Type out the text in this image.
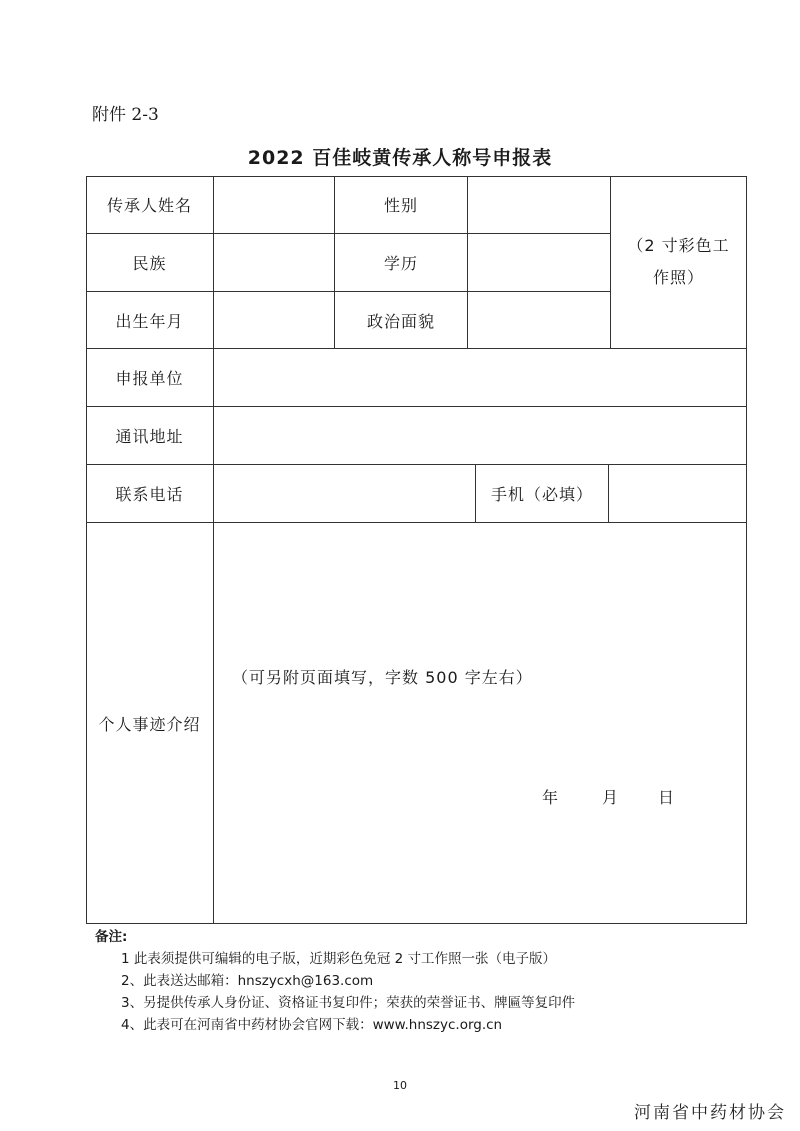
附件 2-3
2022 百佳岐黄传承人称号申报表
传承人姓名	性别
民族	学历
出生年月	政治面貌
（2 寸彩色工
作照）
申报单位
通讯地址
联系电话	手机（必填）
个人事迹介绍
（可另附页面填写，字数 500 字左右）
年	月 日
备注:
1 此表须提供可编辑的电子版，近期彩色免冠 2 寸工作照一张（电子版）
2、此表送达邮箱：hnszycxh@163.com
3、另提供传承人身份证、资格证书复印件；荣获的荣誉证书、牌匾等复印件
4、此表可在河南省中药材协会官网下载：www.hnszyc.org.cn
10
河南省中药材协会
